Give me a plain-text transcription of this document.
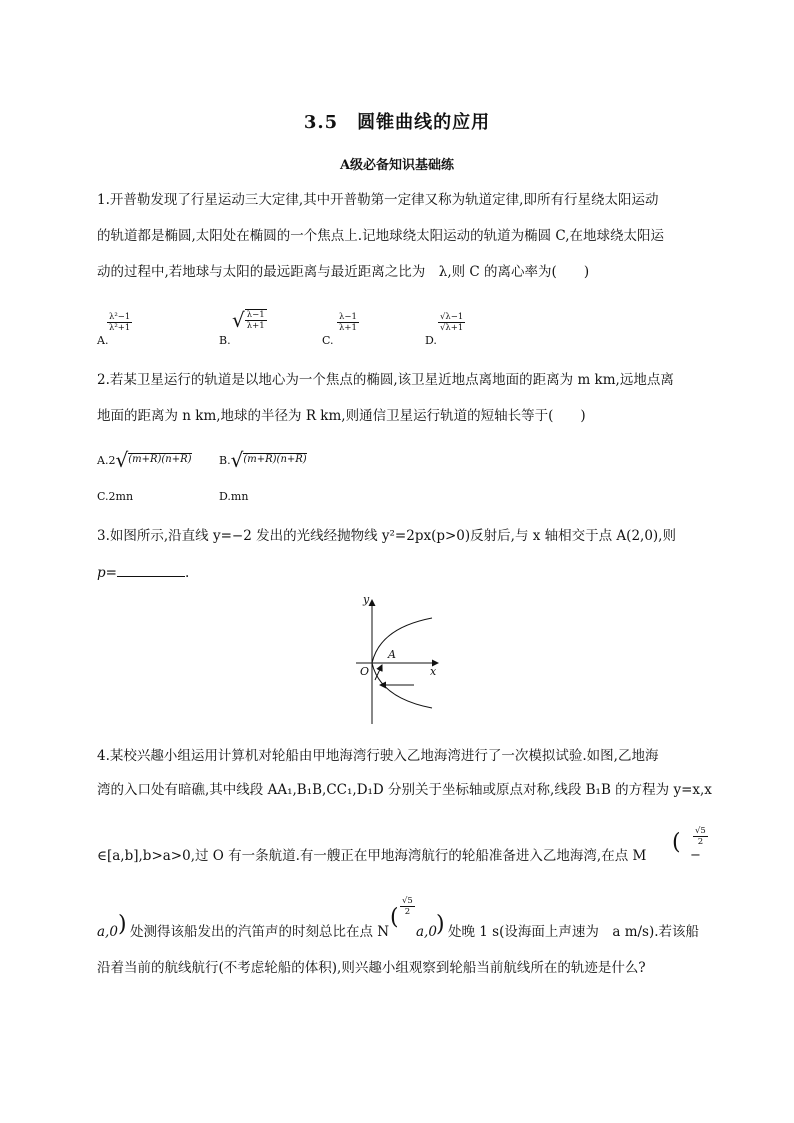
3.5　圆锥曲线的应用
A级必备知识基础练
1.开普勒发现了行星运动三大定律,其中开普勒第一定律又称为轨道定律,即所有行星绕太阳运动
的轨道都是椭圆,太阳处在椭圆的一个焦点上.记地球绕太阳运动的轨道为椭圆 C,在地球绕太阳运
动的过程中,若地球与太阳的最远距离与最近距离之比为　λ,则 C 的离心率为(　　)
$\frac{\text{λ²−1}}{\text{λ²+1}}$
A.	B.
√ $\frac{\lambda-1}{\lambda+1}$	$\frac{\lambda-1}{\lambda+1}$
C.
$\frac{√\lambda-1}{√\lambda+1}$
D.
2.若某卫星运行的轨道是以地心为一个焦点的椭圆,该卫星近地点离地面的距离为 m km,远地点离
地面的距离为 n km,地球的半径为 R km,则通信卫星运行轨道的短轴长等于(　　)
A.2√(m+R)(n+R) B.√(m+R)(n+R)
C.2mn	D.mn
3.如图所示,沿直线 y=−2 发出的光线经抛物线 y²=2px(p>0)反射后,与 x 轴相交于点 A(2,0),则
p=	.
y
x
O
A
4.某校兴趣小组运用计算机对轮船由甲地海湾行驶入乙地海湾进行了一次模拟试验.如图,乙地海
湾的入口处有暗礁,其中线段 AA₁,B₁B,CC₁,D₁D 分别关于坐标轴或原点对称,线段 B₁B 的方程为 y=x,x
∈[a,b],b>a>0,过 O 有一条航道.有一艘正在甲地海湾航行的轮船准备进入乙地海湾,在点 M
(
−
$\frac{√5}{2}$
a,0 ) 处测得该船发出的汽笛声的时刻总比在点 N
( $\frac{√5}{2}$
a,0 ) 处晚 1 s(设海面上声速为　a m/s).若该船
沿着当前的航线航行(不考虑轮船的体积),则兴趣小组观察到轮船当前航线所在的轨迹是什么?
